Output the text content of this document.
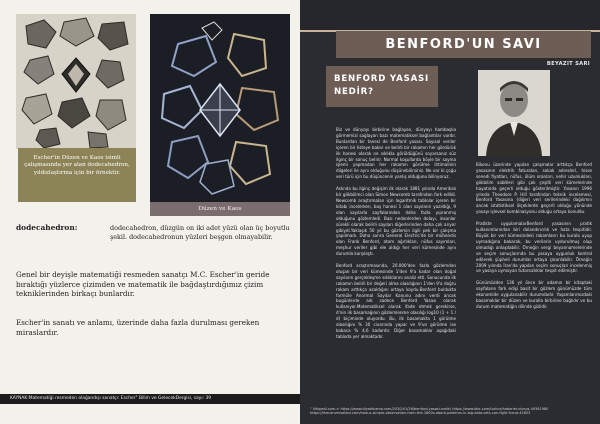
Escher'in Düzen ve Kaos isimli çalışmasında yer alan dodecahedron, yıldızlaştırma için bir örnektir.
Düzen ve Kaos
dodecahedron:	dodecahedron, düzgün on iki adet yüzü olan üç boyutlu şekil. dodecahedronun yüzleri beşgen olmayabilir.

Genel bir deyişle matematiği resmeden sanatçı M.C. Escher'in geride bıraktığı yüzlerce çizimden ve matematik ile bağdaştırdığımız çizim tekniklerinden birkaçı bunlardır.

Escher'in sanatı ve anlamı, üzerinde daha fazla durulması gereken miraslardır.

KAYNAK:Matematiği resmeden olağandışı sanatçı: Escher" Bilim ve GelecekDergisi, sayı: 39
BENFORD'UN SAVI
BEYAZIT SARI
BENFORD YASASI
NEDİR?

Biz ve dünyayı birbirine bağlayan, dünyayı hambaşka görmemizi sağlayan bazı matematiksel bağlantılar vardır. Bunlardan bir tanesi de Benford yasası. Sayısal veriler içeren bir listeye bakar ve belirli bir rakamın her gördürük ilk hanesi olarak ne sıklıkla görüldüğünü soyarsanız süz ilginç bir sonuç belirir. Normal koşullarda böyle bir sayma işlemi yapmadan her rakamın görülme ihtimalinin dilgeleri ile aynı olduğunu düşünebilirsiniz. Ne var ki çoğu veri türü için bu düşüncenin yanlış olduğunu bilinyoruz.

Aslında bu ilginç değişim ilk olarak 1881 yılında Amerikalı bir gökbilimci olan Simon Newcomb tarafından fark edildi. Newcomb araştırmaları için logaritmik tablolar içeren bir kitabı incelerken, baş hanesi 1 olan sayıların yazıldığı, 9 olan sayılarla sayfalarından daha fazla yıpranmış olduğunu gözlemledi. Bazı nedenlerden dolayı, insanlar sürekli olarak belirli sayıları diğerlerinden daha çok arıyor gibiydi.Yaklaşık 50 yıl bu gözlemin ilgili pek bir çalışma yapılmadı. Daha sonra General Electric'de bir mühendis olan Frank Benford, atom ağırlıkları, nüfus sayımları, meşhur veriler gibi ele aldığı her veri kümesinde aynı durumla karşılaştı.

Benford araştırmasında, 20.000'den fazla gözlemden oluşan bir veri kümesinde 1'den 9'a kadar olan doğal sayıların gerçekleşme sıklıklarını analiz etti. Sonucunda ilk rakamın belirli bir değeri alma olasılığının 1'den 9'a doğru rakam arttıkça azaldığını ortaya koydu.Benford buldukta formüle Anormal Sayılar Kanunu adını verdi ancak bugünlerde adı sadece Benford Yasası olarak kullanıyor.Matematiksel olarak ifade etmek gerekirse, d'nin ilk basamağının gözlemlenme olasılığı log10 (1 + 1 / d) biçiminde oluyordu. Bu, ilk basamakta 1 görülme olasılığını % 30 civarında yapar ve 9'un görülme ise kabaca % 4,6 kadardır. Diğer basamaklar aşağıdaki tabloda yer almaktadır.

Bikonu üzerinde yapılan çalışmalar arttıkça Benford yasasının elektrik faturaları, sokak adresleri, hisse senedi fiyatları, nüfus, ölüm oranları, nehir uzunlukları, gökbilim sabitleri gibi çok çeşitli veri kümelerinde hayatında geçerli olduğu gösterilmiştir. Yasanın 1996 yılında Theodore P. Hill tarafından teknik incelemesi, Benford Yasasına (diğeri veri serilerindeki dağılımın ancak istatistiksel ölçeklerde geçerli olduğu yönünde yasayı işlevsel kombinasyonu olduğu ortaya konuldu.

Pratikte uygulamalarBenford yasasının pratik kullanımlarından biri dolandırıcılık ve hata tespitidir. Büyük bir veri kümesindeki rakamların bu kurala uyup uymadığına bakarak, bu verilerin uydurulmuş olup olmadığı anlaşılabilir. Örneğin vergi beyannamelerinde ve seçim sonuçlarında bu yasaya uygunluk kontrol edilerek şüpheli durumlar ortaya çıkarılabilir. Örneğin 2009 yılında İran'da yapılan seçim sonuçları incelenmiş ve yasaya uymayan tutarsızlıklar tespit edilmiştir.

Günümüzden 136 yıl önce bir adamın bir kitaptaki sayfaların fark edişi basit bir gözlem günümüzde tüm ekonomide uygulanabilir durumdadır. Yaşamlarımızdaki basamaklar bir düzen ve kuralla birbirine bağlıdır ve bu durum matematiğin dilinde gizlidir.

" Vikipedi.com-> https://www.diyadinamo.com/2020/01/26/benford-yasasi-nedir/ https://www.bbc.com/turkce/haberler-dunya-49361980
https://theconversation.com/how-a-simple-observation-from-the-1800s-about-patterns-in-big-data-sets-can-fight-fraud-42603
